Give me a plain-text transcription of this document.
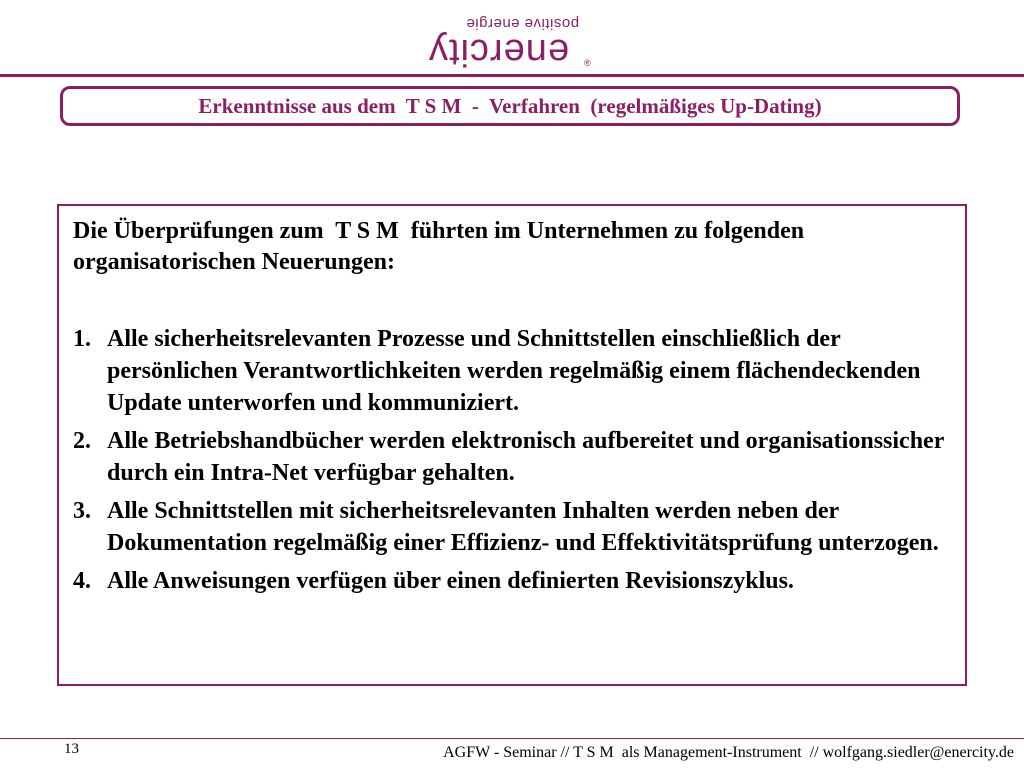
positive energie
enercity ®
Erkenntnisse aus dem  T S M  -  Verfahren  (regelmäßiges Up-Dating)

Die Überprüfungen zum  T S M  führten im Unternehmen zu folgenden organisatorischen Neuerungen:

1. Alle sicherheitsrelevanten Prozesse und Schnittstellen einschließlich der persönlichen Verantwortlichkeiten werden regelmäßig einem flächendeckenden Update unterworfen und kommuniziert.
2. Alle Betriebshandbücher werden elektronisch aufbereitet und organisationssicher durch ein Intra-Net verfügbar gehalten.
3. Alle Schnittstellen mit sicherheitsrelevanten Inhalten werden neben der Dokumentation regelmäßig einer Effizienz- und Effektivitätsprüfung unterzogen.
4. Alle Anweisungen verfügen über einen definierten Revisionszyklus.
13	AGFW - Seminar // T S M  als Management-Instrument  // wolfgang.siedler@enercity.de
